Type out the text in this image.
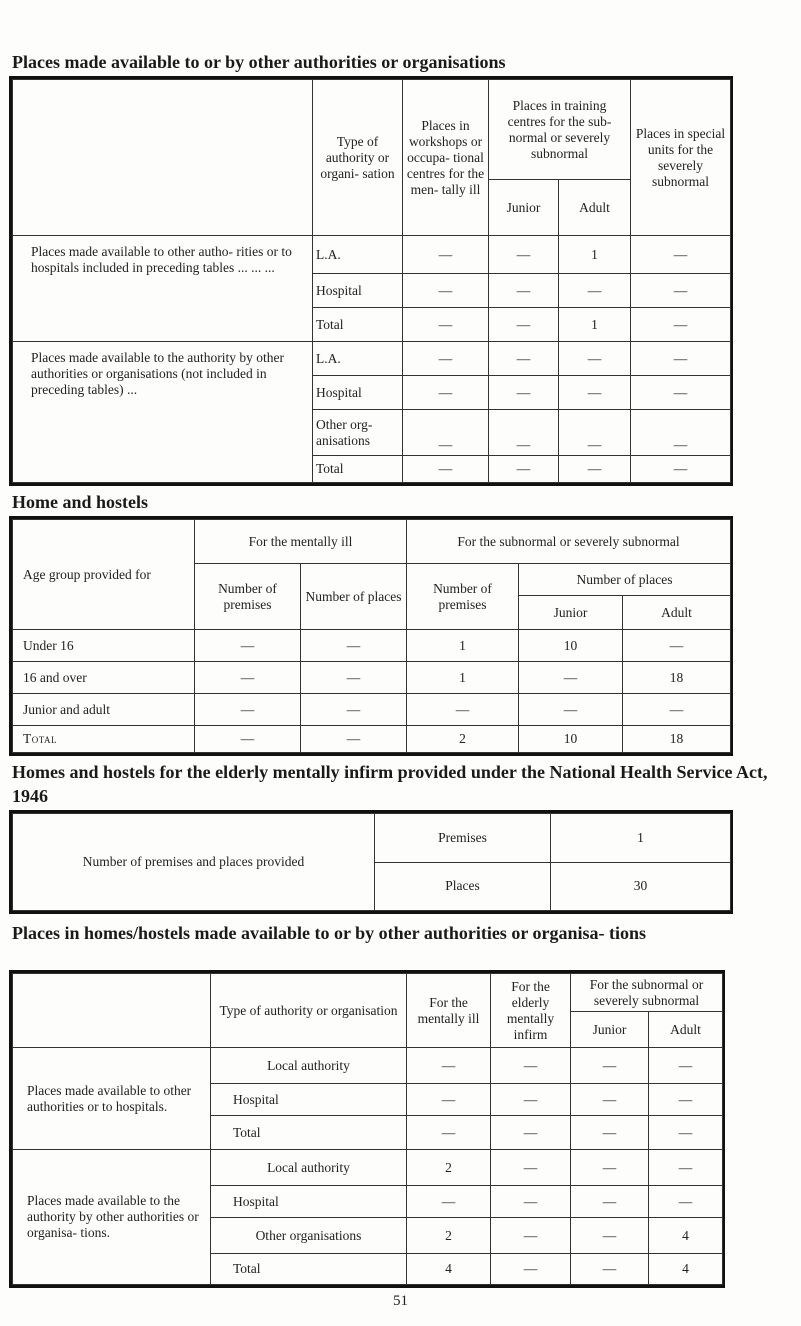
Places made available to or by other authorities or organisations
	Type of authority or organi- sation	Places in workshops or occupa- tional centres for the men- tally ill	Places in training centres for the sub-normal or severely subnormal		Places in special units for the severely subnormal
			Junior	Adult	
Places made available to other autho- rities or to hospitals included in preceding tables ... ... ...	L.A.	—	—	1	—
	Hospital	—	—	—	—
	Total	—	—	1	—
Places made available to the authority by other authorities or organisations (not included in preceding tables) ...	L.A.	—	—	—	—
	Hospital	—	—	—	—
	Other org- anisations	—	—	—	—
	Total	—	—	—	—
Home and hostels
Age group provided for	For the mentally ill		For the subnormal or severely subnormal		
	Number of premises	Number of places	Number of premises	Number of places	
				Junior	Adult
Under 16	—	—	1	10	—
16 and over	—	—	1	—	18
Junior and adult	—	—	—	—	—
Total	—	—	2	10	18
Homes and hostels for the elderly mentally infirm provided under the National Health Service Act, 1946
Number of premises and places provided	Premises	1
	Places	30
Places in homes/hostels made available to or by other authorities or organisa- tions
	Type of authority or organisation	For the mentally ill	For the elderly mentally infirm	For the subnormal or severely subnormal	
				Junior	Adult
Places made available to other authorities or to hospitals.	Local authority	—	—	—	—
	Hospital	—	—	—	—
	Total	—	—	—	—
Places made available to the authority by other authorities or organisa- tions.	Local authority	2	—	—	—
	Hospital	—	—	—	—
	Other organisations	2	—	—	4
	Total	4	—	—	4
51
